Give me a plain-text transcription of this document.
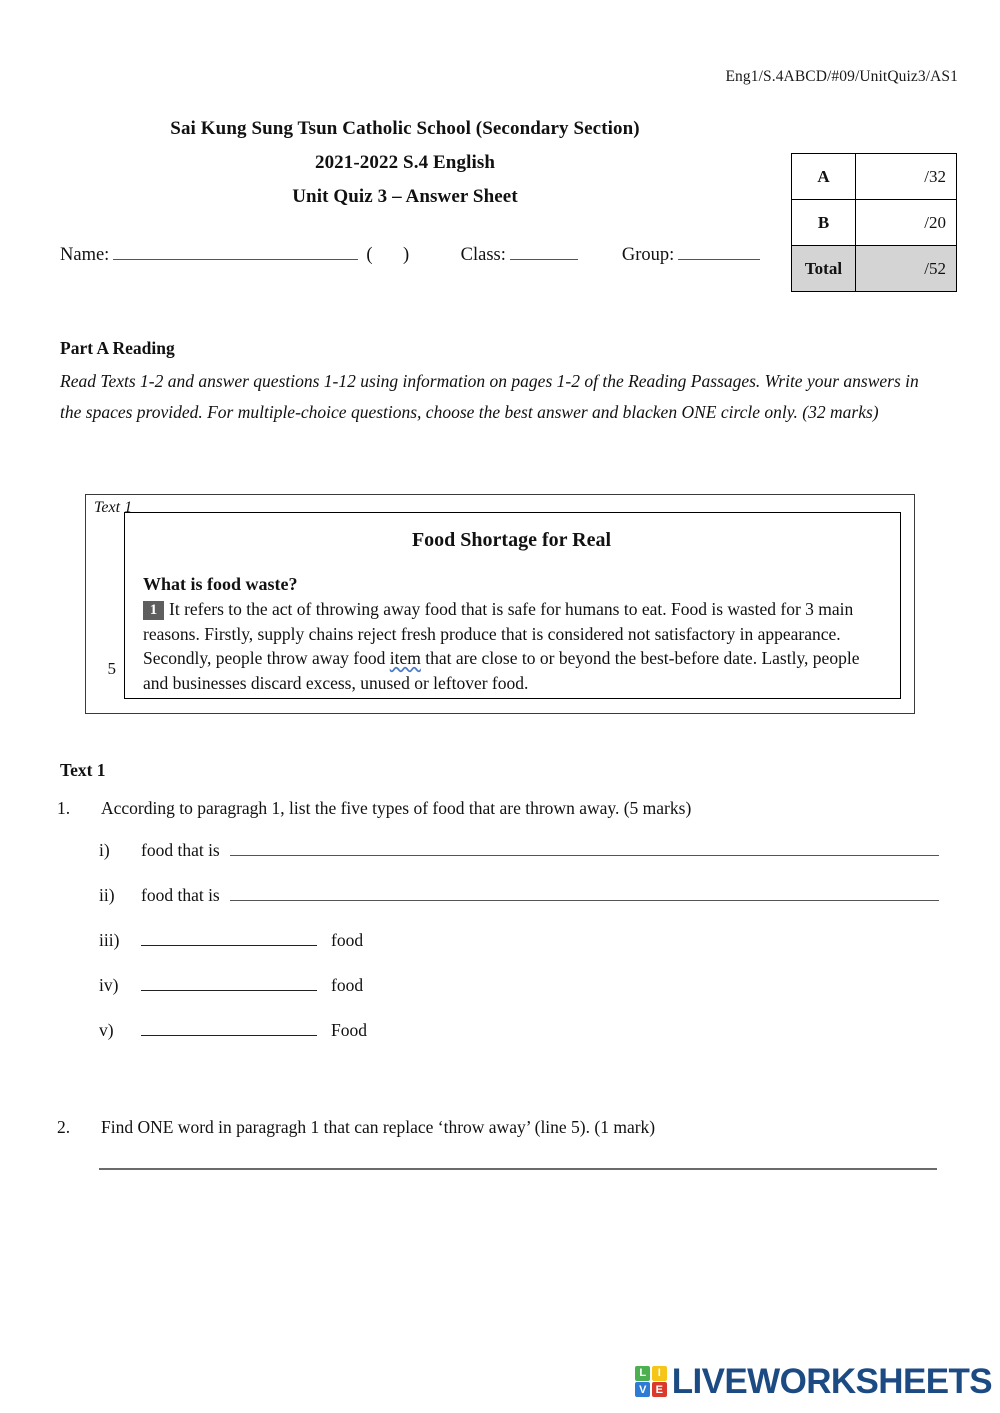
Eng1/S.4ABCD/#09/UnitQuiz3/AS1
Sai Kung Sung Tsun Catholic School (Secondary Section)
2021-2022 S.4 English
Unit Quiz 3 – Answer Sheet
A	/32
B	/20
Total	/52
Name:	( )	Class:	Group:
Part A Reading
Read Texts 1-2 and answer questions 1-12 using information on pages 1-2 of the Reading Passages. Write your answers in the spaces provided. For multiple-choice questions, choose the best answer and blacken ONE circle only. (32 marks)
Text 1
5
Food Shortage for Real
What is food waste?
1 It refers to the act of throwing away food that is safe for humans to eat. Food is wasted for 3 main reasons. Firstly, supply chains reject fresh produce that is considered not satisfactory in appearance. Secondly, people throw away food item that are close to or beyond the best-before date. Lastly, people and businesses discard excess, unused or leftover food.
Text 1
1. According to paragragh 1, list the five types of food that are thrown away. (5 marks)
i)	food that is
ii)	food that is
iii)	food
iv)	food
v)	Food
2. Find ONE word in paragragh 1 that can replace ‘throw away’ (line 5). (1 mark)
L	I
V E LIVEWORKSHEETS
